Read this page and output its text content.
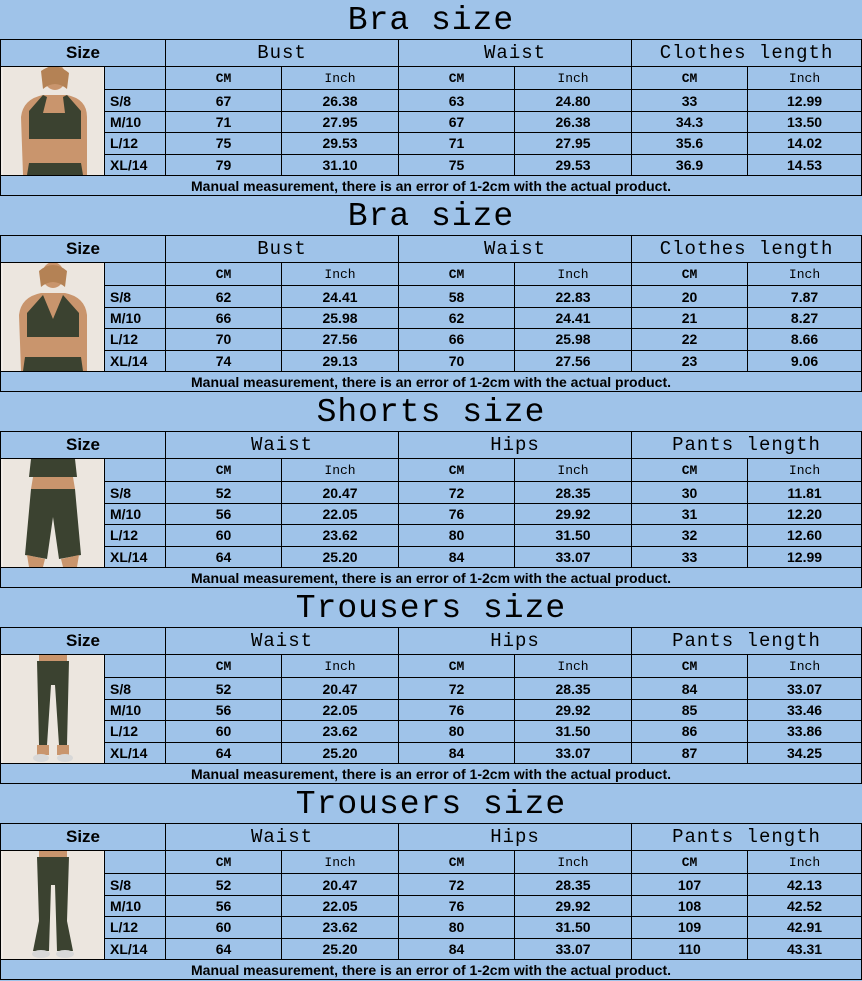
Bra size
Size		Bust		Waist		Clothes length	

		CM	Inch	CM	Inch	CM	Inch
	S/8	67	26.38	63	24.80	33	12.99
	M/10	71	27.95	67	26.38	34.3	13.50
	L/12	75	29.53	71	27.95	35.6	14.02
	XL/14	79	31.10	75	29.53	36.9	14.53
Manual measurement, there is an error of 1-2cm with the actual product.							
Bra size
Size		Bust		Waist		Clothes length	

		CM	Inch	CM	Inch	CM	Inch
	S/8	62	24.41	58	22.83	20	7.87
	M/10	66	25.98	62	24.41	21	8.27
	L/12	70	27.56	66	25.98	22	8.66
	XL/14	74	29.13	70	27.56	23	9.06
Manual measurement, there is an error of 1-2cm with the actual product.							
Shorts size
Size		Waist		Hips		Pants length	

		CM	Inch	CM	Inch	CM	Inch
	S/8	52	20.47	72	28.35	30	11.81
	M/10	56	22.05	76	29.92	31	12.20
	L/12	60	23.62	80	31.50	32	12.60
	XL/14	64	25.20	84	33.07	33	12.99
Manual measurement, there is an error of 1-2cm with the actual product.							
Trousers size
Size		Waist		Hips		Pants length	

		CM	Inch	CM	Inch	CM	Inch
	S/8	52	20.47	72	28.35	84	33.07
	M/10	56	22.05	76	29.92	85	33.46
	L/12	60	23.62	80	31.50	86	33.86
	XL/14	64	25.20	84	33.07	87	34.25
Manual measurement, there is an error of 1-2cm with the actual product.							
Trousers size
Size		Waist		Hips		Pants length	

		CM	Inch	CM	Inch	CM	Inch
	S/8	52	20.47	72	28.35	107	42.13
	M/10	56	22.05	76	29.92	108	42.52
	L/12	60	23.62	80	31.50	109	42.91
	XL/14	64	25.20	84	33.07	110	43.31
Manual measurement, there is an error of 1-2cm with the actual product.							
